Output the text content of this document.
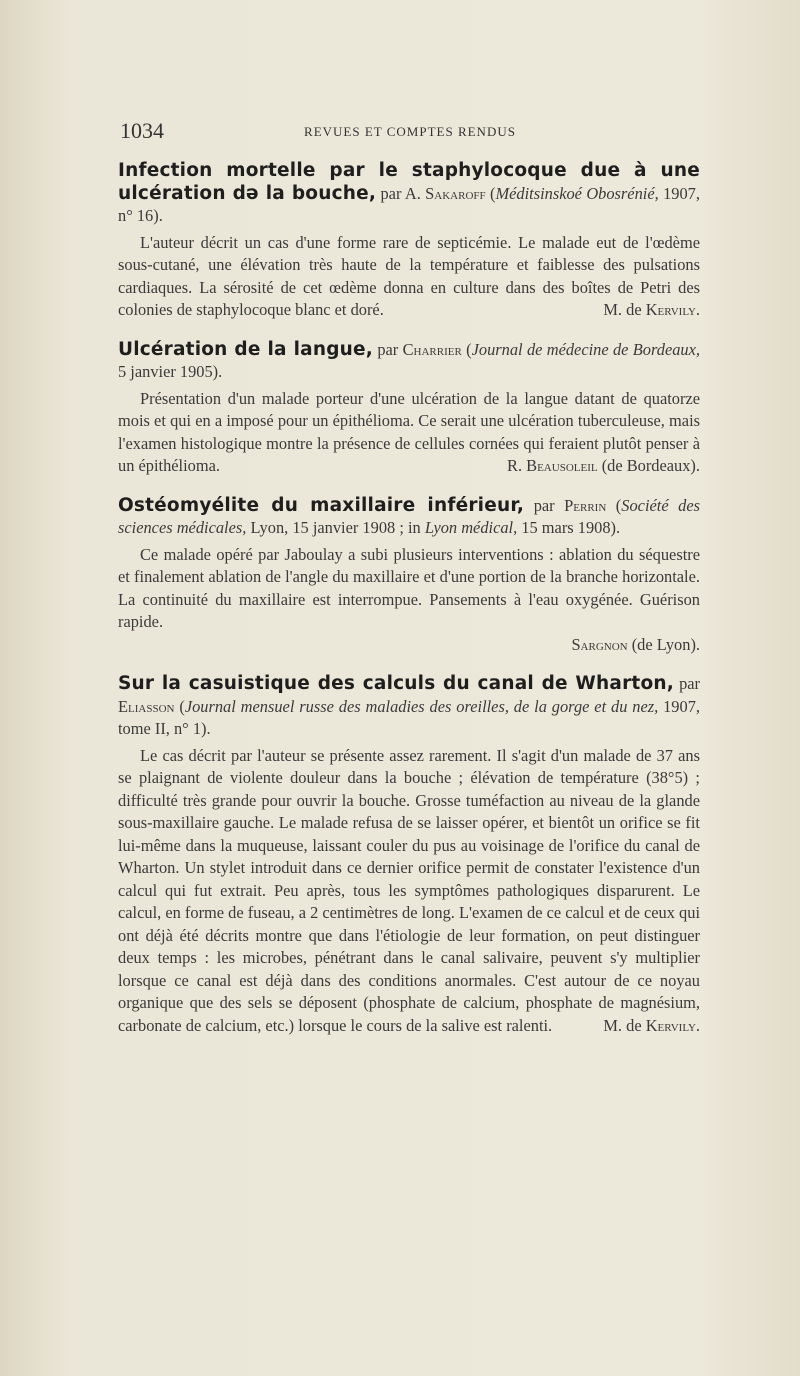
1034	REVUES ET COMPTES RENDUS

Infection mortelle par le staphylocoque due à une ulcération də la bouche, par A. Sakaroff (Méditsinskoé Obosrénié, 1907, n° 16).

L'auteur décrit un cas d'une forme rare de septicémie. Le malade eut de l'œdème sous-cutané, une élévation très haute de la température et faiblesse des pulsations cardiaques. La sérosité de cet œdème donna en culture dans des boîtes de Petri des colonies de staphylocoque blanc et doré.	M. de Kervily.

Ulcération de la langue, par Charrier (Journal de médecine de Bordeaux, 5 janvier 1905).

Présentation d'un malade porteur d'une ulcération de la langue datant de quatorze mois et qui en a imposé pour un épithélioma. Ce serait une ulcération tuberculeuse, mais l'examen histologique montre la présence de cellules cornées qui feraient plutôt penser à un épithélioma.	R. Beausoleil (de Bordeaux).

Ostéomyélite du maxillaire inférieur, par Perrin (Société des sciences médicales, Lyon, 15 janvier 1908 ; in Lyon médical, 15 mars 1908).

Ce malade opéré par Jaboulay a subi plusieurs interventions : ablation du séquestre et finalement ablation de l'angle du maxillaire et d'une portion de la branche horizontale. La continuité du maxillaire est interrompue. Pansements à l'eau oxygénée. Guérison rapide.

Sargnon (de Lyon).

Sur la casuistique des calculs du canal de Wharton, par Eliasson (Journal mensuel russe des maladies des oreilles, de la gorge et du nez, 1907, tome II, n° 1).

Le cas décrit par l'auteur se présente assez rarement. Il s'agit d'un malade de 37 ans se plaignant de violente douleur dans la bouche ; élévation de température (38°5) ; difficulté très grande pour ouvrir la bouche. Grosse tuméfaction au niveau de la glande sous-maxillaire gauche. Le malade refusa de se laisser opérer, et bientôt un orifice se fit lui-même dans la muqueuse, laissant couler du pus au voisinage de l'orifice du canal de Wharton. Un stylet introduit dans ce dernier orifice permit de constater l'existence d'un calcul qui fut extrait. Peu après, tous les symptômes pathologiques disparurent. Le calcul, en forme de fuseau, a 2 centimètres de long. L'examen de ce calcul et de ceux qui ont déjà été décrits montre que dans l'étiologie de leur formation, on peut distinguer deux temps : les microbes, pénétrant dans le canal salivaire, peuvent s'y multiplier lorsque ce canal est déjà dans des conditions anormales. C'est autour de ce noyau organique que des sels se déposent (phosphate de calcium, phosphate de magnésium, carbonate de calcium, etc.) lorsque le cours de la salive est ralenti.	M. de Kervily.
